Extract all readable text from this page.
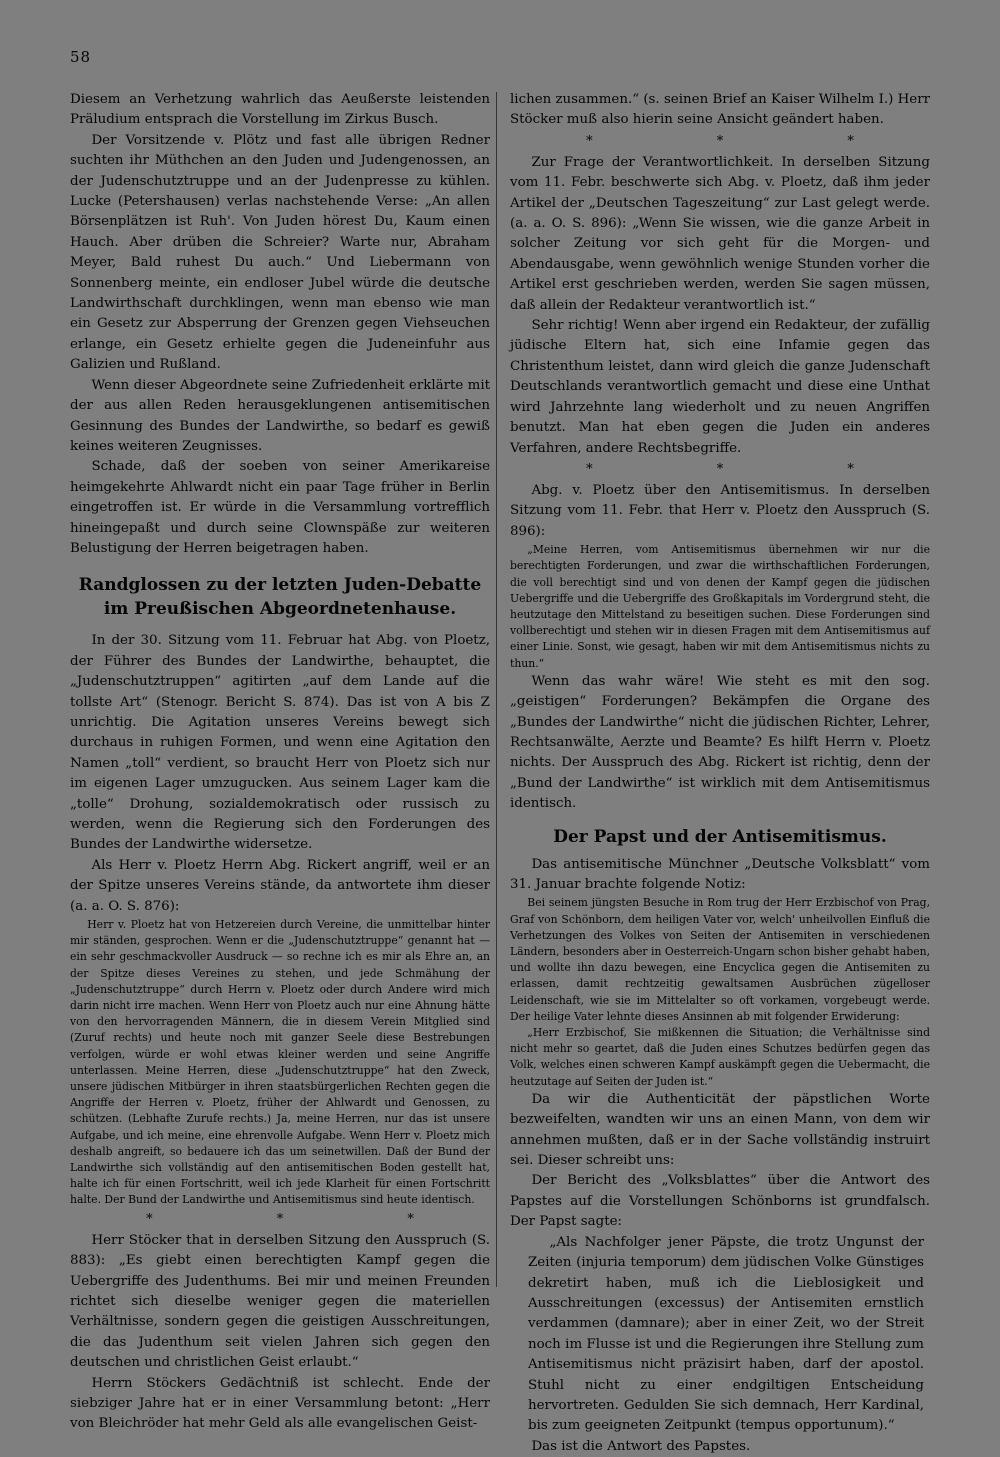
58

Diesem an Verhetzung wahrlich das Aeußerste leistenden Präludium entsprach die Vorstellung im Zirkus Busch.

Der Vorsitzende v. Plötz und fast alle übrigen Redner suchten ihr Müthchen an den Juden und Judengenossen, an der Judenschutztruppe und an der Judenpresse zu kühlen. Lucke (Petershausen) verlas nachstehende Verse: „An allen Börsenplätzen ist Ruh'. Von Juden hörest Du, Kaum einen Hauch. Aber drüben die Schreier? Warte nur, Abraham Meyer, Bald ruhest Du auch.“ Und Liebermann von Sonnenberg meinte, ein endloser Jubel würde die deutsche Landwirthschaft durchklingen, wenn man ebenso wie man ein Gesetz zur Absperrung der Grenzen gegen Viehseuchen erlange, ein Gesetz erhielte gegen die Judeneinfuhr aus Galizien und Rußland.

Wenn dieser Abgeordnete seine Zufriedenheit erklärte mit der aus allen Reden herausgeklungenen antisemitischen Gesinnung des Bundes der Landwirthe, so bedarf es gewiß keines weiteren Zeugnisses.

Schade, daß der soeben von seiner Amerikareise heimgekehrte Ahlwardt nicht ein paar Tage früher in Berlin eingetroffen ist. Er würde in die Versammlung vortrefflich hineingepaßt und durch seine Clownspäße zur weiteren Belustigung der Herren beigetragen haben.

Randglossen zu der letzten Juden-Debatte im Preußischen Abgeordnetenhause.

In der 30. Sitzung vom 11. Februar hat Abg. von Ploetz, der Führer des Bundes der Landwirthe, behauptet, die „Judenschutztruppen“ agitirten „auf dem Lande auf die tollste Art“ (Stenogr. Bericht S. 874). Das ist von A bis Z unrichtig. Die Agitation unseres Vereins bewegt sich durchaus in ruhigen Formen, und wenn eine Agitation den Namen „toll“ verdient, so braucht Herr von Ploetz sich nur im eigenen Lager umzugucken. Aus seinem Lager kam die „tolle“ Drohung, sozialdemokratisch oder russisch zu werden, wenn die Regierung sich den Forderungen des Bundes der Landwirthe widersetze.

Als Herr v. Ploetz Herrn Abg. Rickert angriff, weil er an der Spitze unseres Vereins stände, da antwortete ihm dieser (a. a. O. S. 876):

Herr v. Ploetz hat von Hetzereien durch Vereine, die unmittelbar hinter mir ständen, gesprochen. Wenn er die „Judenschutztruppe“ genannt hat — ein sehr geschmackvoller Ausdruck — so rechne ich es mir als Ehre an, an der Spitze dieses Vereines zu stehen, und jede Schmähung der „Judenschutztruppe“ durch Herrn v. Ploetz oder durch Andere wird mich darin nicht irre machen. Wenn Herr von Ploetz auch nur eine Ahnung hätte von den hervorragenden Männern, die in diesem Verein Mitglied sind (Zuruf rechts) und heute noch mit ganzer Seele diese Bestrebungen verfolgen, würde er wohl etwas kleiner werden und seine Angriffe unterlassen. Meine Herren, diese „Judenschutztruppe“ hat den Zweck, unsere jüdischen Mitbürger in ihren staatsbürgerlichen Rechten gegen die Angriffe der Herren v. Ploetz, früher der Ahlwardt und Genossen, zu schützen. (Lebhafte Zurufe rechts.) Ja, meine Herren, nur das ist unsere Aufgabe, und ich meine, eine ehrenvolle Aufgabe. Wenn Herr v. Ploetz mich deshalb angreift, so bedauere ich das um seinetwillen. Daß der Bund der Landwirthe sich vollständig auf den antisemitischen Boden gestellt hat, halte ich für einen Fortschritt, weil ich jede Klarheit für einen Fortschritt halte. Der Bund der Landwirthe und Antisemitismus sind heute identisch.

* * *

Herr Stöcker that in derselben Sitzung den Ausspruch (S. 883): „Es giebt einen berechtigten Kampf gegen die Uebergriffe des Judenthums. Bei mir und meinen Freunden richtet sich dieselbe weniger gegen die materiellen Verhältnisse, sondern gegen die geistigen Ausschreitungen, die das Judenthum seit vielen Jahren sich gegen den deutschen und christlichen Geist erlaubt.“

Herrn Stöckers Gedächtniß ist schlecht. Ende der siebziger Jahre hat er in einer Versammlung betont: „Herr von Bleichröder hat mehr Geld als alle evangelischen Geist-

lichen zusammen.“ (s. seinen Brief an Kaiser Wilhelm I.) Herr Stöcker muß also hierin seine Ansicht geändert haben.

* * *

Zur Frage der Verantwortlichkeit. In derselben Sitzung vom 11. Febr. beschwerte sich Abg. v. Ploetz, daß ihm jeder Artikel der „Deutschen Tageszeitung“ zur Last gelegt werde. (a. a. O. S. 896): „Wenn Sie wissen, wie die ganze Arbeit in solcher Zeitung vor sich geht für die Morgen- und Abendausgabe, wenn gewöhnlich wenige Stunden vorher die Artikel erst geschrieben werden, werden Sie sagen müssen, daß allein der Redakteur verantwortlich ist.“

Sehr richtig! Wenn aber irgend ein Redakteur, der zufällig jüdische Eltern hat, sich eine Infamie gegen das Christenthum leistet, dann wird gleich die ganze Judenschaft Deutschlands verantwortlich gemacht und diese eine Unthat wird Jahrzehnte lang wiederholt und zu neuen Angriffen benutzt. Man hat eben gegen die Juden ein anderes Verfahren, andere Rechtsbegriffe.

* * *

Abg. v. Ploetz über den Antisemitismus. In derselben Sitzung vom 11. Febr. that Herr v. Ploetz den Ausspruch (S. 896):

„Meine Herren, vom Antisemitismus übernehmen wir nur die berechtigten Forderungen, und zwar die wirthschaftlichen Forderungen, die voll berechtigt sind und von denen der Kampf gegen die jüdischen Uebergriffe und die Uebergriffe des Großkapitals im Vordergrund steht, die heutzutage den Mittelstand zu beseitigen suchen. Diese Forderungen sind vollberechtigt und stehen wir in diesen Fragen mit dem Antisemitismus auf einer Linie. Sonst, wie gesagt, haben wir mit dem Antisemitismus nichts zu thun.“

Wenn das wahr wäre! Wie steht es mit den sog. „geistigen“ Forderungen? Bekämpfen die Organe des „Bundes der Landwirthe“ nicht die jüdischen Richter, Lehrer, Rechtsanwälte, Aerzte und Beamte? Es hilft Herrn v. Ploetz nichts. Der Ausspruch des Abg. Rickert ist richtig, denn der „Bund der Landwirthe“ ist wirklich mit dem Antisemitismus identisch.

Der Papst und der Antisemitismus.

Das antisemitische Münchner „Deutsche Volksblatt“ vom 31. Januar brachte folgende Notiz:

Bei seinem jüngsten Besuche in Rom trug der Herr Erzbischof von Prag, Graf von Schönborn, dem heiligen Vater vor, welch' unheilvollen Einfluß die Verhetzungen des Volkes von Seiten der Antisemiten in verschiedenen Ländern, besonders aber in Oesterreich-Ungarn schon bisher gehabt haben, und wollte ihn dazu bewegen, eine Encyclica gegen die Antisemiten zu erlassen, damit rechtzeitig gewaltsamen Ausbrüchen zügelloser Leidenschaft, wie sie im Mittelalter so oft vorkamen, vorgebeugt werde. Der heilige Vater lehnte dieses Ansinnen ab mit folgender Erwiderung:

„Herr Erzbischof, Sie mißkennen die Situation; die Verhältnisse sind nicht mehr so geartet, daß die Juden eines Schutzes bedürfen gegen das Volk, welches einen schweren Kampf auskämpft gegen die Uebermacht, die heutzutage auf Seiten der Juden ist.“

Da wir die Authenticität der päpstlichen Worte bezweifelten, wandten wir uns an einen Mann, von dem wir annehmen mußten, daß er in der Sache vollständig instruirt sei. Dieser schreibt uns:

Der Bericht des „Volksblattes“ über die Antwort des Papstes auf die Vorstellungen Schönborns ist grundfalsch. Der Papst sagte:

„Als Nachfolger jener Päpste, die trotz Ungunst der Zeiten (injuria temporum) dem jüdischen Volke Günstiges dekretirt haben, muß ich die Lieblosigkeit und Ausschreitungen (excessus) der Antisemiten ernstlich verdammen (damnare); aber in einer Zeit, wo der Streit noch im Flusse ist und die Regierungen ihre Stellung zum Antisemitismus nicht präzisirt haben, darf der apostol. Stuhl nicht zu einer endgiltigen Entscheidung hervortreten. Gedulden Sie sich demnach, Herr Kardinal, bis zum geeigneten Zeitpunkt (tempus opportunum).“

Das ist die Antwort des Papstes.
